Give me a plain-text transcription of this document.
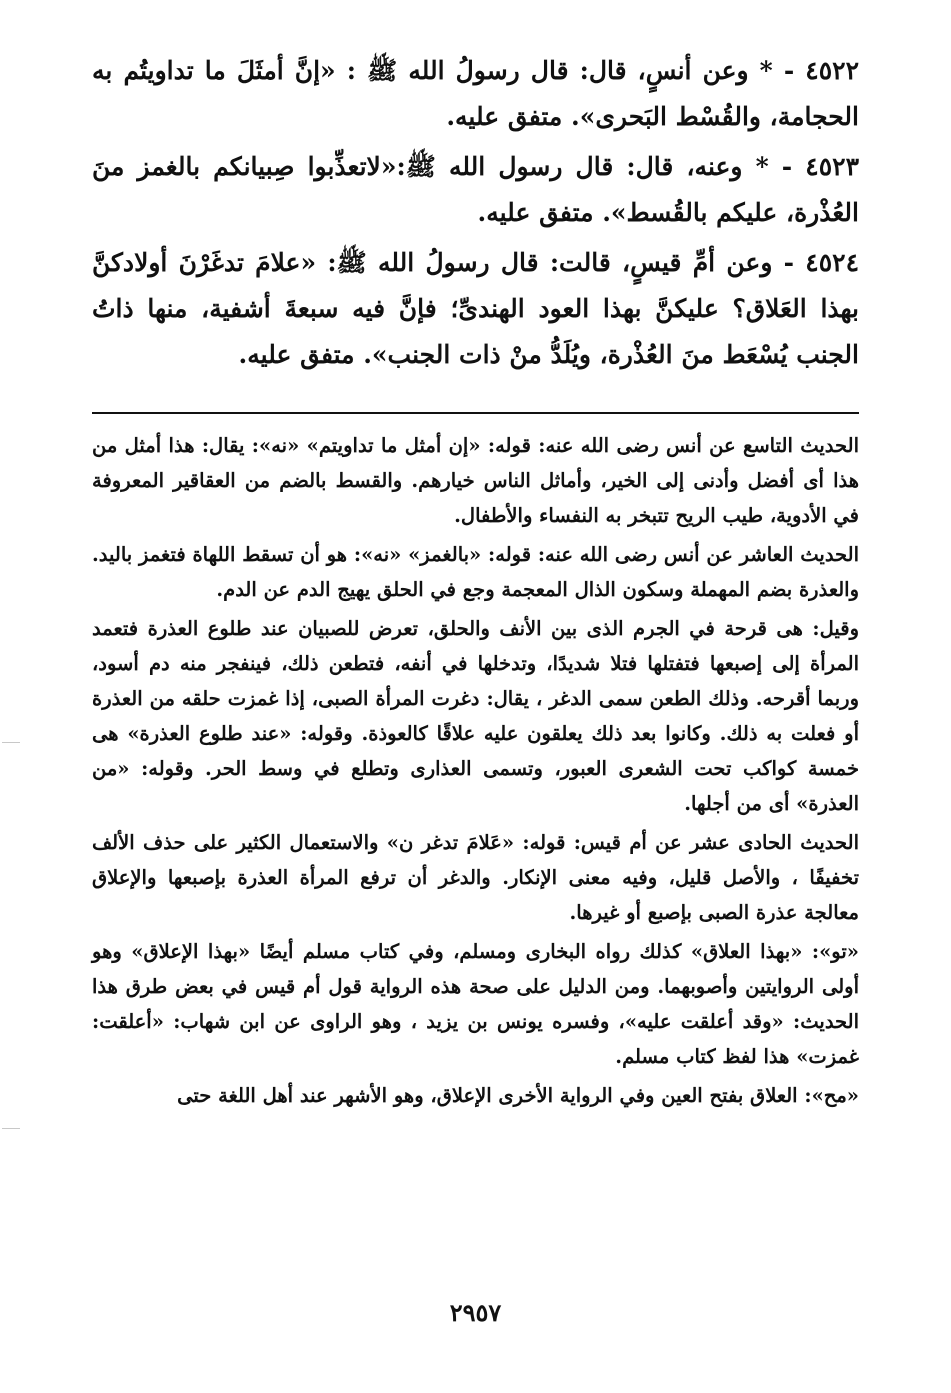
٤٥٢٢ - * وعن أنسٍ، قال: قال رسولُ الله ﷺ : «إنَّ أمثَلَ ما تداويتُم به الحجامة، والقُسْط البَحرى». متفق عليه.

٤٥٢٣ - * وعنه، قال: قال رسول الله ﷺ:«لاتعذِّبوا صِبيانكم بالغمز منَ العُذْرة، عليكم بالقُسط». متفق عليه.

٤٥٢٤ - وعن أمِّ قيسٍ، قالت: قال رسولُ الله ﷺ: «علامَ تدغَرْنَ أولادكنَّ بهذا العَلاق؟ عليكنَّ بهذا العود الهندىِّ؛ فإنَّ فيه سبعةَ أشفية، منها ذاتُ الجنب يُسْعَط منَ العُذْرة، ويُلَدُّ منْ ذات الجنب». متفق عليه.

الحديث التاسع عن أنس رضى الله عنه: قوله: «إن أمثل ما تداويتم» «نه»: يقال: هذا أمثل من هذا أى أفضل وأدنى إلى الخير، وأماثل الناس خيارهم. والقسط بالضم من العقاقير المعروفة في الأدوية، طيب الريح تتبخر به النفساء والأطفال.

الحديث العاشر عن أنس رضى الله عنه: قوله: «بالغمز» «نه»: هو أن تسقط اللهاة فتغمز باليد. والعذرة بضم المهملة وسكون الذال المعجمة وجع في الحلق يهيج الدم عن الدم.

وقيل: هى قرحة في الجرم الذى بين الأنف والحلق، تعرض للصبيان عند طلوع العذرة فتعمد المرأة إلى إصبعها فتفتلها فتلا شديدًا، وتدخلها في أنفه، فتطعن ذلك، فينفجر منه دم أسود، وربما أقرحه. وذلك الطعن سمى الدغر ، يقال: دغرت المرأة الصبى، إذا غمزت حلقه من العذرة أو فعلت به ذلك. وكانوا بعد ذلك يعلقون عليه علاقًا كالعوذة. وقوله: «عند طلوع العذرة» هى خمسة كواكب تحت الشعرى العبور، وتسمى العذارى وتطلع في وسط الحر. وقوله: «من العذرة» أى من أجلها.

الحديث الحادى عشر عن أم قيس: قوله: «عَلامَ تدغر ن» والاستعمال الكثير على حذف الألف تخفيفًا ، والأصل قليل، وفيه معنى الإنكار. والدغر أن ترفع المرأة العذرة بإصبعها والإعلاق معالجة عذرة الصبى بإصبع أو غيرها.

«تو»: «بهذا العلاق» كذلك رواه البخارى ومسلم، وفي كتاب مسلم أيضًا «بهذا الإعلاق» وهو أولى الروايتين وأصوبهما. ومن الدليل على صحة هذه الرواية قول أم قيس في بعض طرق هذا الحديث: «وقد أعلقت عليه»، وفسره يونس بن يزيد ، وهو الراوى عن ابن شهاب: «أعلقت: غمزت» هذا لفظ كتاب مسلم.

«مح»: العلاق بفتح العين وفي الرواية الأخرى الإعلاق، وهو الأشهر عند أهل اللغة حتى

٢٩٥٧
